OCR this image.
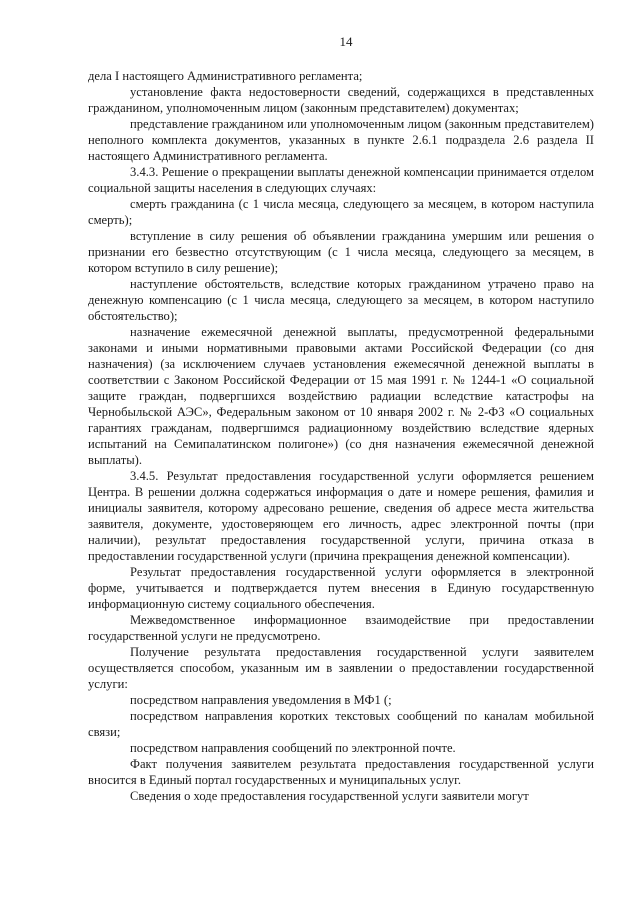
14

дела I настоящего Административного регламента;

установление факта недостоверности сведений, содержащихся в представленных гражданином, уполномоченным лицом (законным представителем) документах;

представление гражданином или уполномоченным лицом (законным представителем) неполного комплекта документов, указанных в пункте 2.6.1 подраздела 2.6 раздела II настоящего Административного регламента.

3.4.3. Решение о прекращении выплаты денежной компенсации принимается отделом социальной защиты населения в следующих случаях:

смерть гражданина (с 1 числа месяца, следующего за месяцем, в котором наступила смерть);

вступление в силу решения об объявлении гражданина умершим или решения о признании его безвестно отсутствующим (с 1 числа месяца, следующего за месяцем, в котором вступило в силу решение);

наступление обстоятельств, вследствие которых гражданином утрачено право на денежную компенсацию (с 1 числа месяца, следующего за месяцем, в котором наступило обстоятельство);

назначение ежемесячной денежной выплаты, предусмотренной федеральными законами и иными нормативными правовыми актами Российской Федерации (со дня назначения) (за исключением случаев установления ежемесячной денежной выплаты в соответствии с Законом Российской Федерации от 15 мая 1991 г. № 1244-1 «О социальной защите граждан, подвергшихся воздействию радиации вследствие катастрофы на Чернобыльской АЭС», Федеральным законом от 10 января 2002 г. № 2-ФЗ «О социальных гарантиях гражданам, подвергшимся радиационному воздействию вследствие ядерных испытаний на Семипалатинском полигоне») (со дня назначения ежемесячной денежной выплаты).

3.4.5. Результат предоставления государственной услуги оформляется решением Центра. В решении должна содержаться информация о дате и номере решения, фамилия и инициалы заявителя, которому адресовано решение, сведения об адресе места жительства заявителя, документе, удостоверяющем его личность, адрес электронной почты (при наличии), результат предоставления государственной услуги, причина отказа в предоставлении государственной услуги (причина прекращения денежной компенсации).

Результат предоставления государственной услуги оформляется в электронной форме, учитывается и подтверждается путем внесения в Единую государственную информационную систему социального обеспечения.

Межведомственное информационное взаимодействие при предоставлении государственной услуги не предусмотрено.

Получение результата предоставления государственной услуги заявителем осуществляется способом, указанным им в заявлении о предоставлении государственной услуги:

посредством направления уведомления в МФ1 (;

посредством направления коротких текстовых сообщений по каналам мобильной связи;

посредством направления сообщений по электронной почте.

Факт получения заявителем результата предоставления государственной услуги вносится в Единый портал государственных и муниципальных услуг.

Сведения о ходе предоставления государственной услуги заявители могут
